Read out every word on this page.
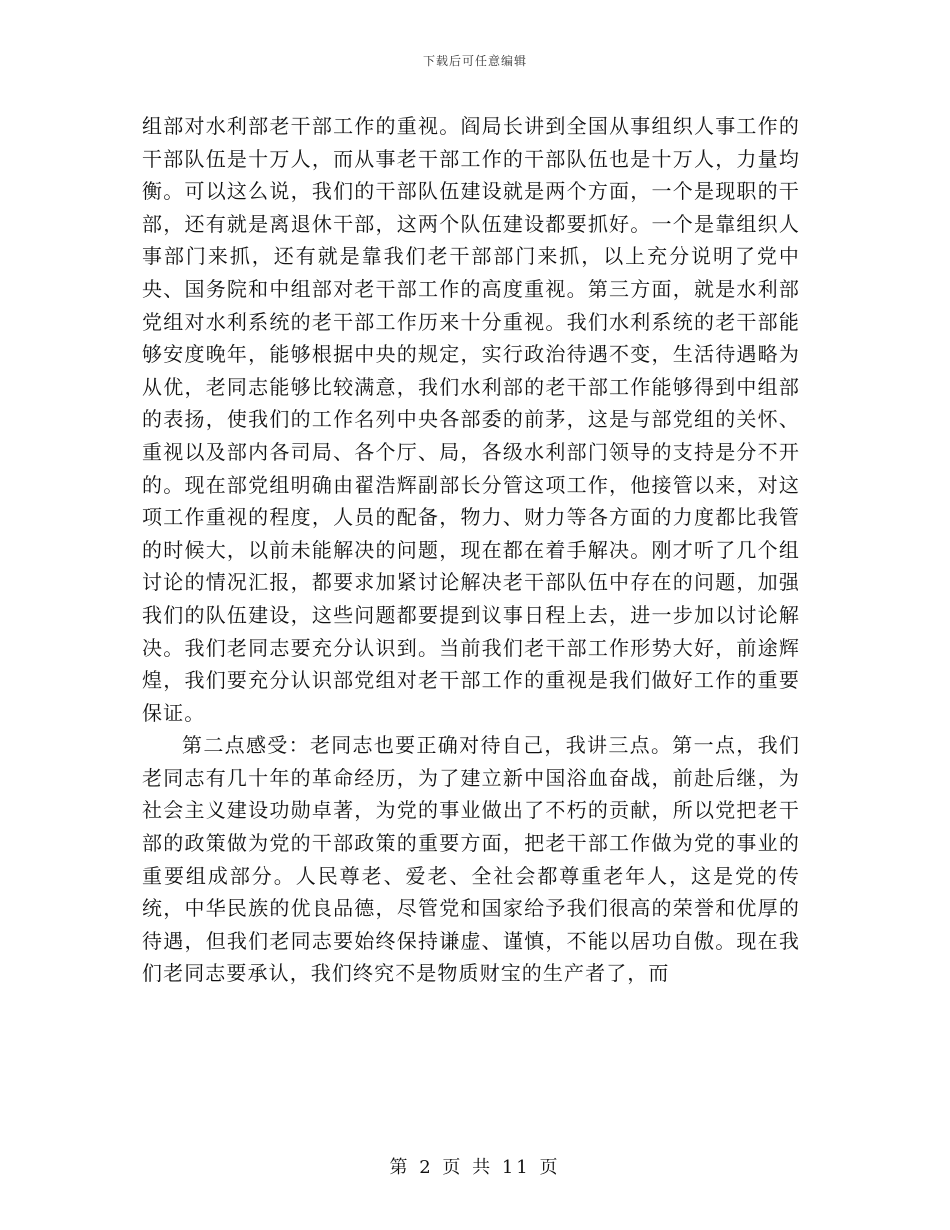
下载后可任意编辑

组部对水利部老干部工作的重视。阎局长讲到全国从事组织人事工作的干部队伍是十万人，而从事老干部工作的干部队伍也是十万人，力量均衡。可以这么说，我们的干部队伍建设就是两个方面，一个是现职的干部，还有就是离退休干部，这两个队伍建设都要抓好。一个是靠组织人事部门来抓，还有就是靠我们老干部部门来抓，以上充分说明了党中央、国务院和中组部对老干部工作的高度重视。第三方面，就是水利部党组对水利系统的老干部工作历来十分重视。我们水利系统的老干部能够安度晚年，能够根据中央的规定，实行政治待遇不变，生活待遇略为从优，老同志能够比较满意，我们水利部的老干部工作能够得到中组部的表扬，使我们的工作名列中央各部委的前茅，这是与部党组的关怀、重视以及部内各司局、各个厅、局，各级水利部门领导的支持是分不开的。现在部党组明确由翟浩辉副部长分管这项工作，他接管以来，对这项工作重视的程度，人员的配备，物力、财力等各方面的力度都比我管的时候大，以前未能解决的问题，现在都在着手解决。刚才听了几个组讨论的情况汇报，都要求加紧讨论解决老干部队伍中存在的问题，加强我们的队伍建设，这些问题都要提到议事日程上去，进一步加以讨论解决。我们老同志要充分认识到。当前我们老干部工作形势大好，前途辉煌，我们要充分认识部党组对老干部工作的重视是我们做好工作的重要保证。

第二点感受：老同志也要正确对待自己，我讲三点。第一点，我们老同志有几十年的革命经历，为了建立新中国浴血奋战，前赴后继，为社会主义建设功勋卓著，为党的事业做出了不朽的贡献，所以党把老干部的政策做为党的干部政策的重要方面，把老干部工作做为党的事业的重要组成部分。人民尊老、爱老、全社会都尊重老年人，这是党的传统，中华民族的优良品德，尽管党和国家给予我们很高的荣誉和优厚的待遇，但我们老同志要始终保持谦虚、谨慎，不能以居功自傲。现在我们老同志要承认，我们终究不是物质财宝的生产者了，而

第 2 页 共 11 页
